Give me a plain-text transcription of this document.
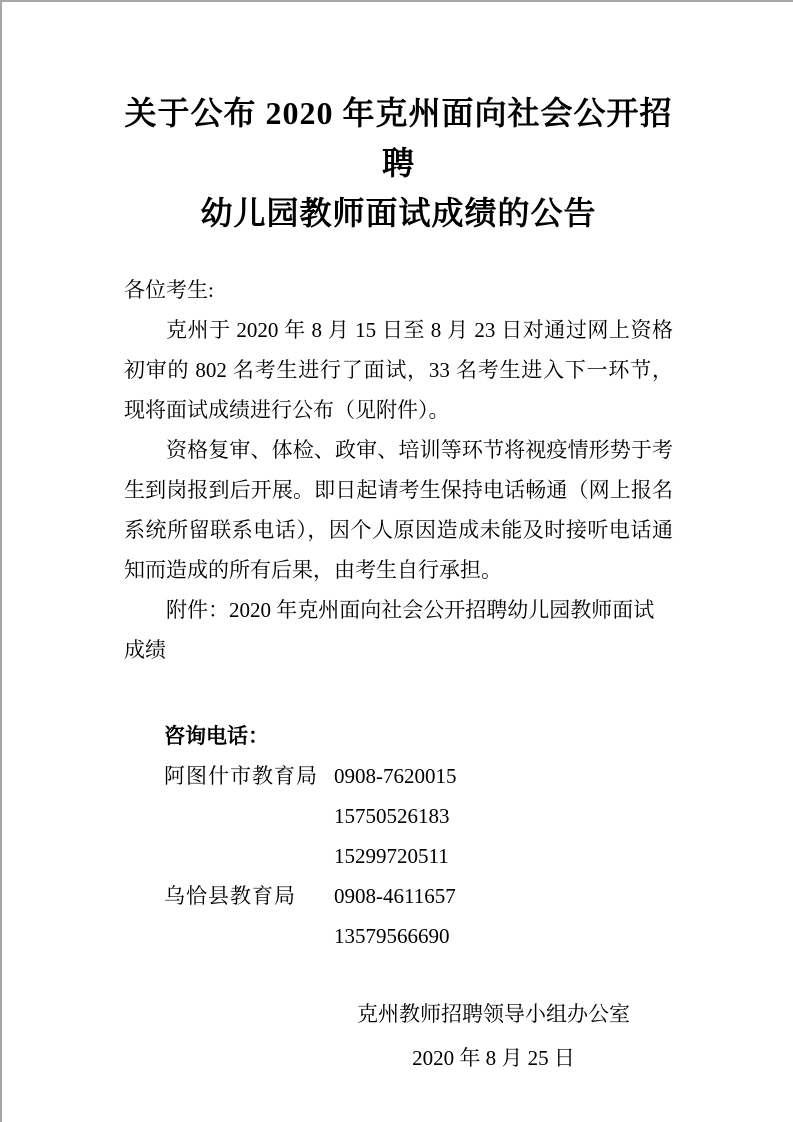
关于公布 2020 年克州面向社会公开招聘
幼儿园教师面试成绩的公告

各位考生:

克州于 2020 年 8 月 15 日至 8 月 23 日对通过网上资格初审的 802 名考生进行了面试，33 名考生进入下一环节，现将面试成绩进行公布（见附件）。

资格复审、体检、政审、培训等环节将视疫情形势于考生到岗报到后开展。即日起请考生保持电话畅通（网上报名系统所留联系电话），因个人原因造成未能及时接听电话通知而造成的所有后果，由考生自行承担。

附件：2020 年克州面向社会公开招聘幼儿园教师面试成绩

咨询电话：

阿图什市教育局 0908-7620015
15750526183
15299720511
乌恰县教育局	0908-4611657
13579566690

克州教师招聘领导小组办公室

2020 年 8 月 25 日
